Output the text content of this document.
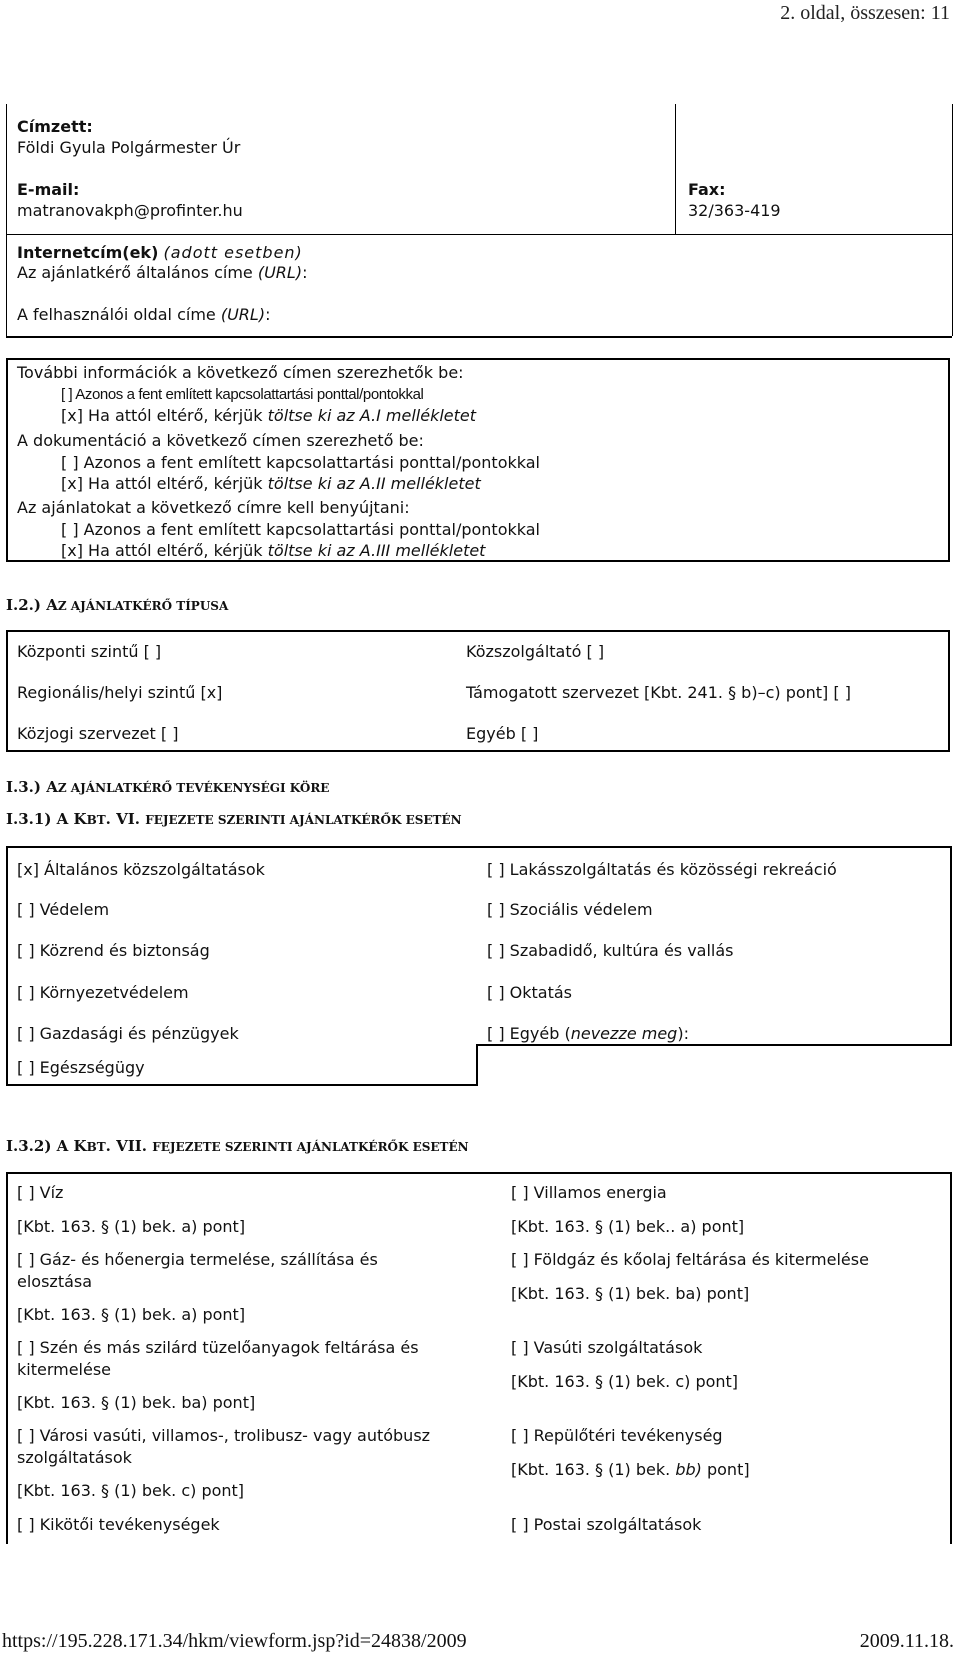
2. oldal, összesen: 11
Címzett:
Földi Gyula Polgármester Úr
E-mail:
matranovakph@profinter.hu
Fax:
32/363-419
Internetcím(ek) (adott esetben)
Az ajánlatkérő általános címe (URL):
A felhasználói oldal címe (URL):
További információk a következő címen szerezhetők be:
[ ] Azonos a fent említett kapcsolattartási ponttal/pontokkal
[x] Ha attól eltérő, kérjük töltse ki az A.I mellékletet
A dokumentáció a következő címen szerezhető be:
[ ] Azonos a fent említett kapcsolattartási ponttal/pontokkal
[x] Ha attól eltérő, kérjük töltse ki az A.II mellékletet
Az ajánlatokat a következő címre kell benyújtani:
[ ] Azonos a fent említett kapcsolattartási ponttal/pontokkal
[x] Ha attól eltérő, kérjük töltse ki az A.III mellékletet
I.2.) AZ AJÁNLATKÉRŐ TÍPUSA
Központi szintű [ ]
Regionális/helyi szintű [x]
Közjogi szervezet [ ]
Közszolgáltató [ ]
Támogatott szervezet [Kbt. 241. § b)–c) pont] [ ]
Egyéb [ ]
I.3.) AZ AJÁNLATKÉRŐ TEVÉKENYSÉGI KÖRE
I.3.1) A KBT. VI. FEJEZETE SZERINTI AJÁNLATKÉRŐK ESETÉN
[x] Általános közszolgáltatások
[ ] Védelem
[ ] Közrend és biztonság
[ ] Környezetvédelem
[ ] Gazdasági és pénzügyek
[ ] Egészségügy
[ ] Lakásszolgáltatás és közösségi rekreáció
[ ] Szociális védelem
[ ] Szabadidő, kultúra és vallás
[ ] Oktatás
[ ] Egyéb (nevezze meg):
I.3.2) A KBT. VII. FEJEZETE SZERINTI AJÁNLATKÉRŐK ESETÉN
[ ] Víz
[Kbt. 163. § (1) bek. a) pont]
[ ] Gáz- és hőenergia termelése, szállítása és
elosztása
[Kbt. 163. § (1) bek. a) pont]
[ ] Szén és más szilárd tüzelőanyagok feltárása és
kitermelése
[Kbt. 163. § (1) bek. ba) pont]
[ ] Városi vasúti, villamos-, trolibusz- vagy autóbusz
szolgáltatások
[Kbt. 163. § (1) bek. c) pont]
[ ] Kikötői tevékenységek
[ ] Villamos energia
[Kbt. 163. § (1) bek.. a) pont]
[ ] Földgáz és kőolaj feltárása és kitermelése
[Kbt. 163. § (1) bek. ba) pont]
[ ] Vasúti szolgáltatások
[Kbt. 163. § (1) bek. c) pont]
[ ] Repülőtéri tevékenység
[Kbt. 163. § (1) bek. bb) pont]
[ ] Postai szolgáltatások
https://195.228.171.34/hkm/viewform.jsp?id=24838/2009	2009.11.18.
